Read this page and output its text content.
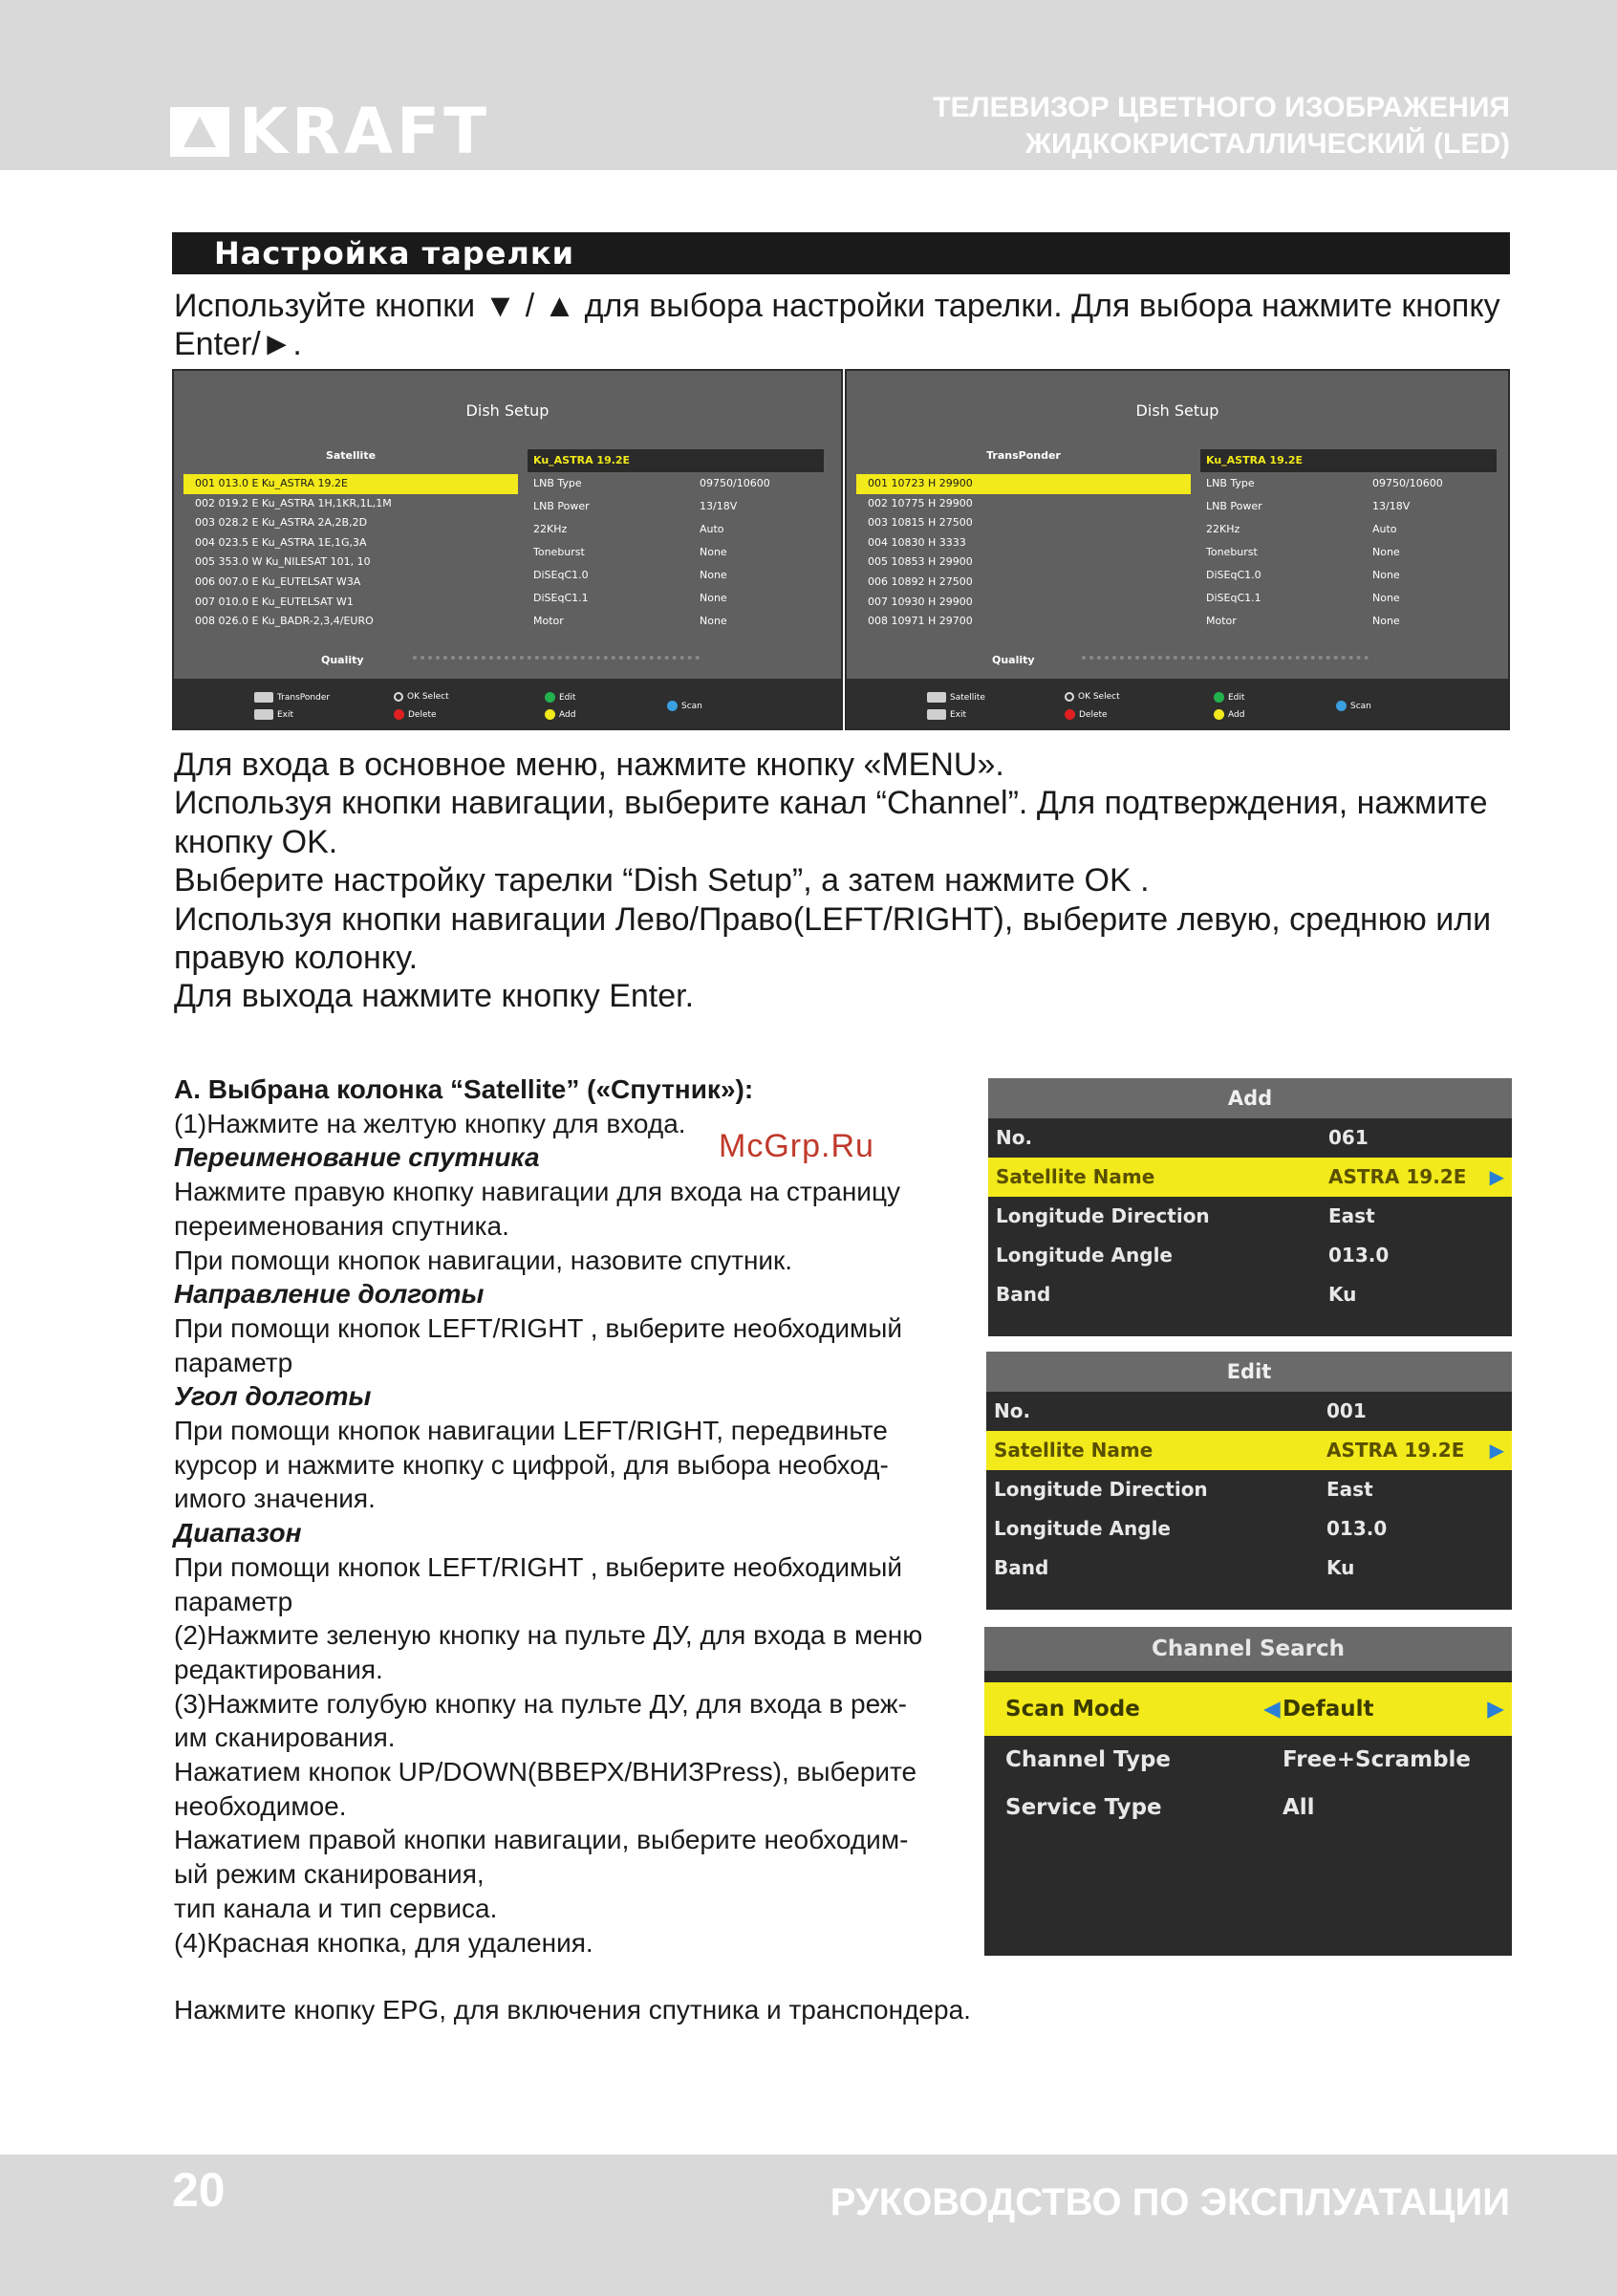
KRAFT	ТЕЛЕВИЗОР ЦВЕТНОГО ИЗОБРАЖЕНИЯ
ЖИДКОКРИСТАЛЛИЧЕСКИЙ (LED)
Настройка тарелки
Используйте кнопки ▼ / ▲ для выбора настройки тарелки. Для выбора нажмите кнопку
Enter/►.
Dish Setup
Satellite
001 013.0 E Ku_ASTRA 19.2E
002 019.2 E Ku_ASTRA 1H,1KR,1L,1M
003 028.2 E Ku_ASTRA 2A,2B,2D
004 023.5 E Ku_ASTRA 1E,1G,3A
005 353.0 W Ku_NILESAT 101, 10
006 007.0 E Ku_EUTELSAT W3A
007 010.0 E Ku_EUTELSAT W1
008 026.0 E Ku_BADR-2,3,4/EURO
Ku_ASTRA 19.2E
LNB Type	09750/10600
LNB Power	13/18V
22KHz	Auto
Toneburst	None
DiSEqC1.0	None
DiSEqC1.1	None
Motor	None
Quality
TransPonder
Exit
OK Select
Delete
Edit
Add
Scan
Dish Setup
TransPonder
001 10723 H 29900
002 10775 H 29900
003 10815 H 27500
004 10830 H 3333
005 10853 H 29900
006 10892 H 27500
007 10930 H 29900
008 10971 H 29700
Ku_ASTRA 19.2E
LNB Type	09750/10600
LNB Power	13/18V
22KHz	Auto
Toneburst	None
DiSEqC1.0	None
DiSEqC1.1	None
Motor	None
Quality
Satellite
Exit
OK Select
Delete
Edit
Add
Scan
Для входа в основное меню, нажмите кнопку «MENU».
Используя кнопки навигации, выберите канал “Channel”. Для подтверждения, нажмите
кнопку OK.
Выберите настройку тарелки “Dish Setup”, а затем нажмите OK .
Используя кнопки навигации Лево/Право(LEFT/RIGHT), выберите левую, среднюю или
правую колонку.
Для выхода нажмите кнопку Enter.
A. Выбрана колонка “Satellite” («Спутник»):
(1)Нажмите на желтую кнопку для входа.
Переименование спутника
Нажмите правую кнопку навигации для входа на страницу
переименования спутника.
При помощи кнопок навигации, назовите спутник.
Направление долготы
При помощи кнопок LEFT/RIGHT , выберите необходимый
параметр
Угол долготы
При помощи кнопок навигации LEFT/RIGHT, передвиньте
курсор и нажмите кнопку с цифрой, для выбора необход-
имого значения.
Диапазон
При помощи кнопок LEFT/RIGHT , выберите необходимый
параметр
(2)Нажмите зеленую кнопку на пульте ДУ, для входа в меню
редактирования.
(3)Нажмите голубую кнопку на пульте ДУ, для входа в реж-
им сканирования.
Нажатием кнопок UP/DOWN(ВВЕРХ/ВНИЗPress), выберите
необходимое.
Нажатием правой кнопки навигации, выберите необходим-
ый режим сканирования,
тип канала и тип сервиса.
(4)Красная кнопка, для удаления.
McGrp.Ru
Add
No.	061
Satellite Name	ASTRA 19.2E ▶
Longitude Direction	East
Longitude Angle	013.0
Band	Ku
Edit
No.	001
Satellite Name	ASTRA 19.2E ▶
Longitude Direction	East
Longitude Angle	013.0
Band	Ku
Channel Search
Scan Mode	◀ Default	▶
Channel Type	Free+Scramble
Service Type	All
Нажмите кнопку EPG, для включения спутника и транспондера.
20	РУКОВОДСТВО ПО ЭКСПЛУАТАЦИИ
